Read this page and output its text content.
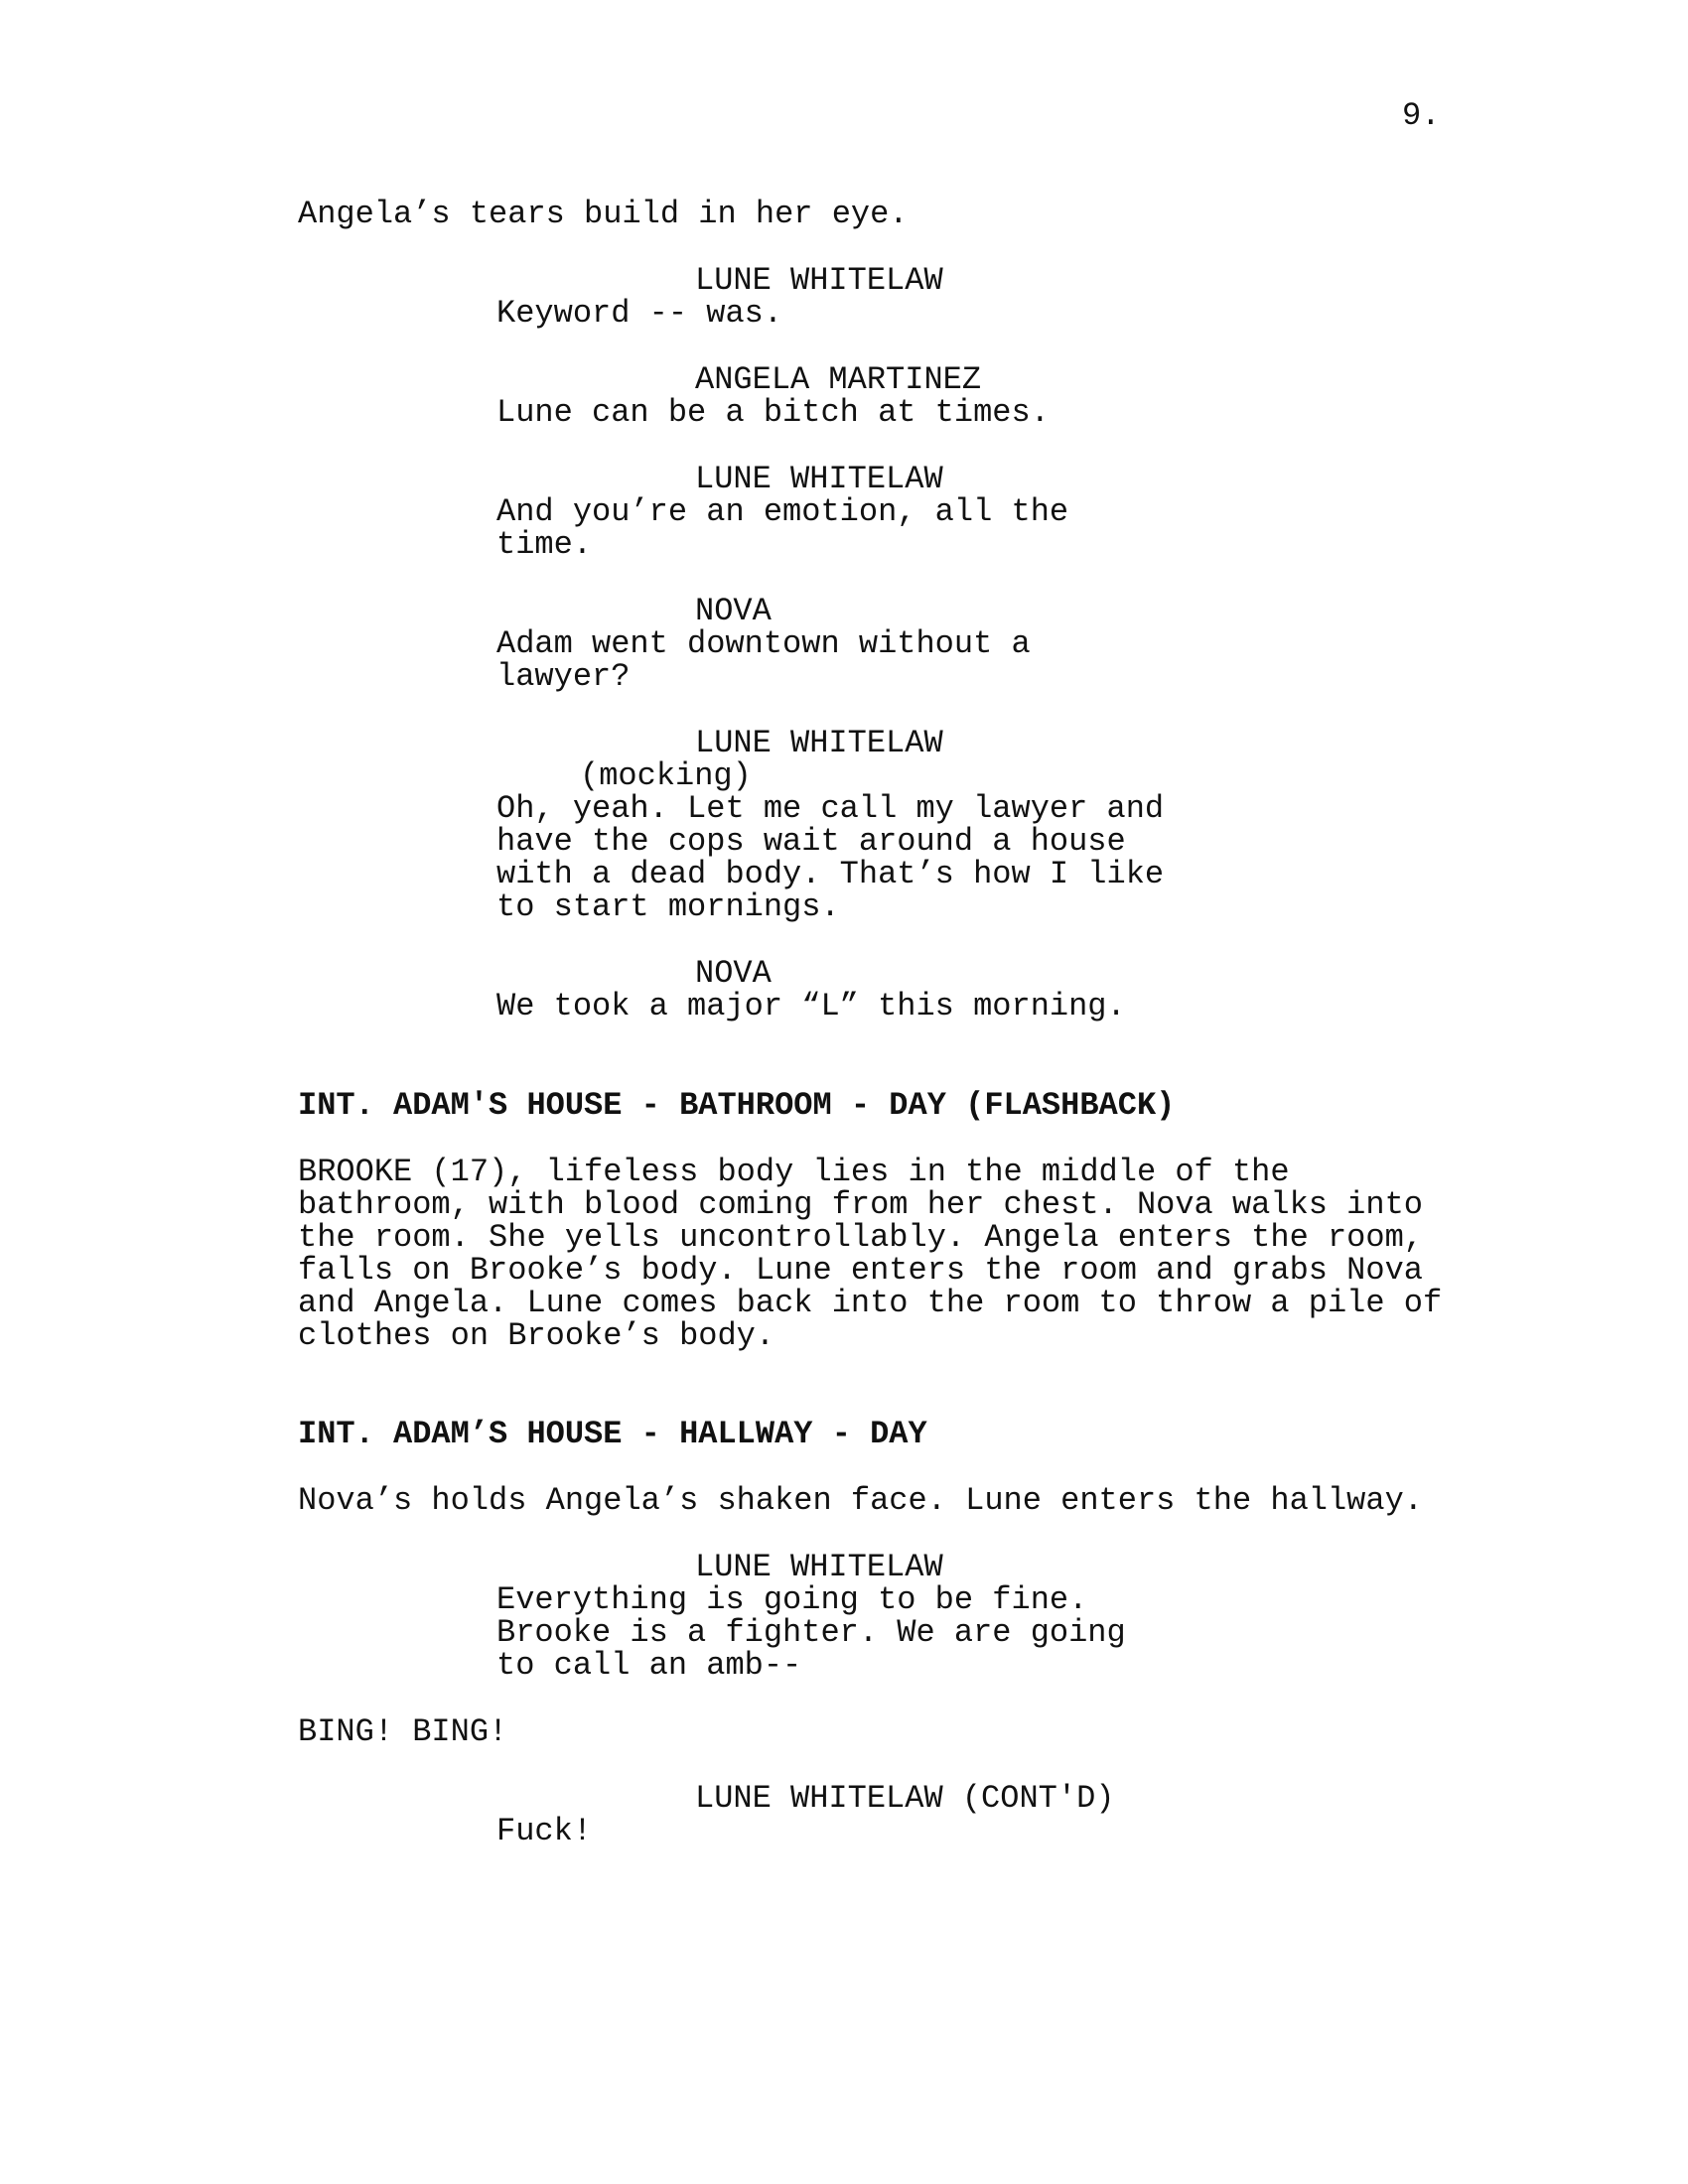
9.
Angela’s tears build in her eye.
LUNE WHITELAW
Keyword -- was.
ANGELA MARTINEZ
Lune can be a bitch at times.
LUNE WHITELAW
And you’re an emotion, all the
time.
NOVA
Adam went downtown without a
lawyer?
LUNE WHITELAW
(mocking)
Oh, yeah. Let me call my lawyer and
have the cops wait around a house
with a dead body. That’s how I like
to start mornings.
NOVA
We took a major “L” this morning.
INT. ADAM'S HOUSE - BATHROOM - DAY (FLASHBACK)
BROOKE (17), lifeless body lies in the middle of the
bathroom, with blood coming from her chest. Nova walks into
the room. She yells uncontrollably. Angela enters the room,
falls on Brooke’s body. Lune enters the room and grabs Nova
and Angela. Lune comes back into the room to throw a pile of
clothes on Brooke’s body.
INT. ADAM’S HOUSE - HALLWAY - DAY
Nova’s holds Angela’s shaken face. Lune enters the hallway.
LUNE WHITELAW
Everything is going to be fine.
Brooke is a fighter. We are going
to call an amb--
BING! BING!
LUNE WHITELAW (CONT'D)
Fuck!
